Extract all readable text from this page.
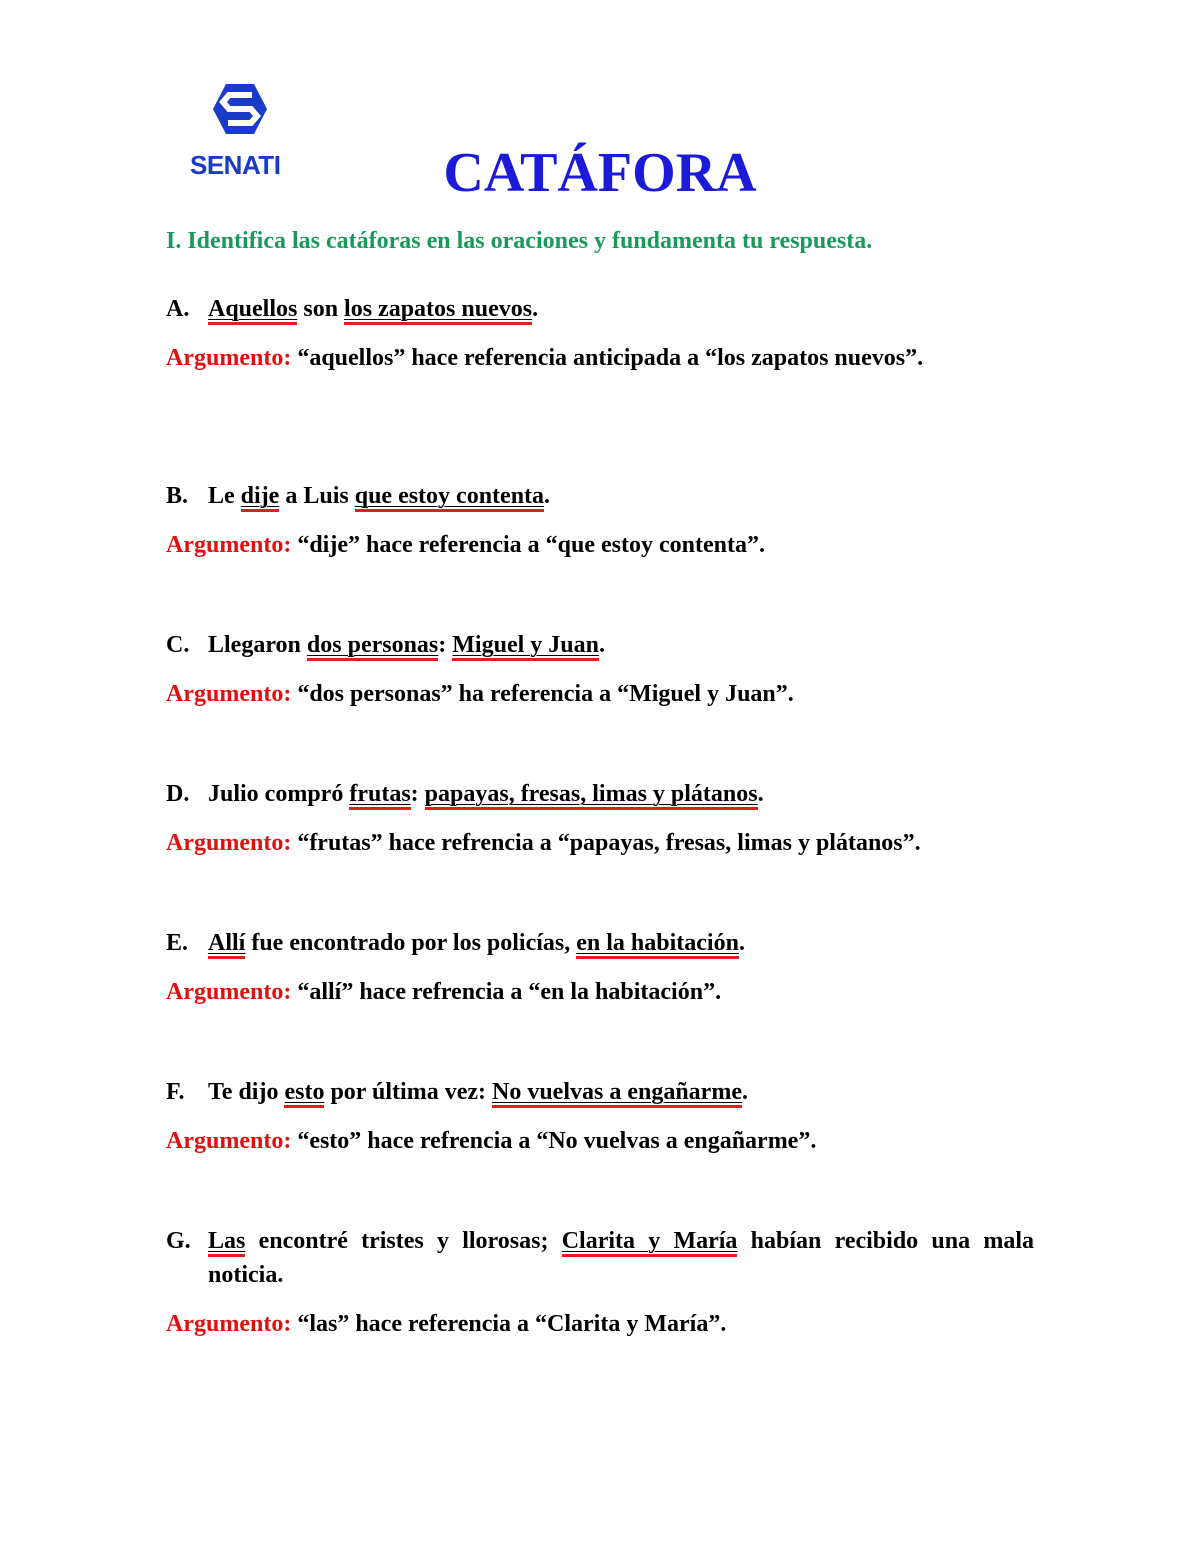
SENATI	CATÁFORA

I. Identifica las catáforas en las oraciones y fundamenta tu respuesta.

A. Aquellos son los zapatos nuevos.

Argumento: “aquellos” hace referencia anticipada a “los zapatos nuevos”.

B. Le dije a Luis que estoy contenta.

Argumento: “dije” hace referencia a “que estoy contenta”.

C. Llegaron dos personas: Miguel y Juan.

Argumento: “dos personas” ha referencia a “Miguel y Juan”.

D. Julio compró frutas: papayas, fresas, limas y plátanos.

Argumento: “frutas” hace refrencia a “papayas, fresas, limas y plátanos”.

E. Allí fue encontrado por los policías, en la habitación.

Argumento: “allí” hace refrencia a “en la habitación”.

F. Te dijo esto por última vez: No vuelvas a engañarme.

Argumento: “esto” hace refrencia a “No vuelvas a engañarme”.

G. Las encontré tristes y llorosas; Clarita y María habían recibido una mala noticia.

Argumento: “las” hace referencia a “Clarita y María”.
